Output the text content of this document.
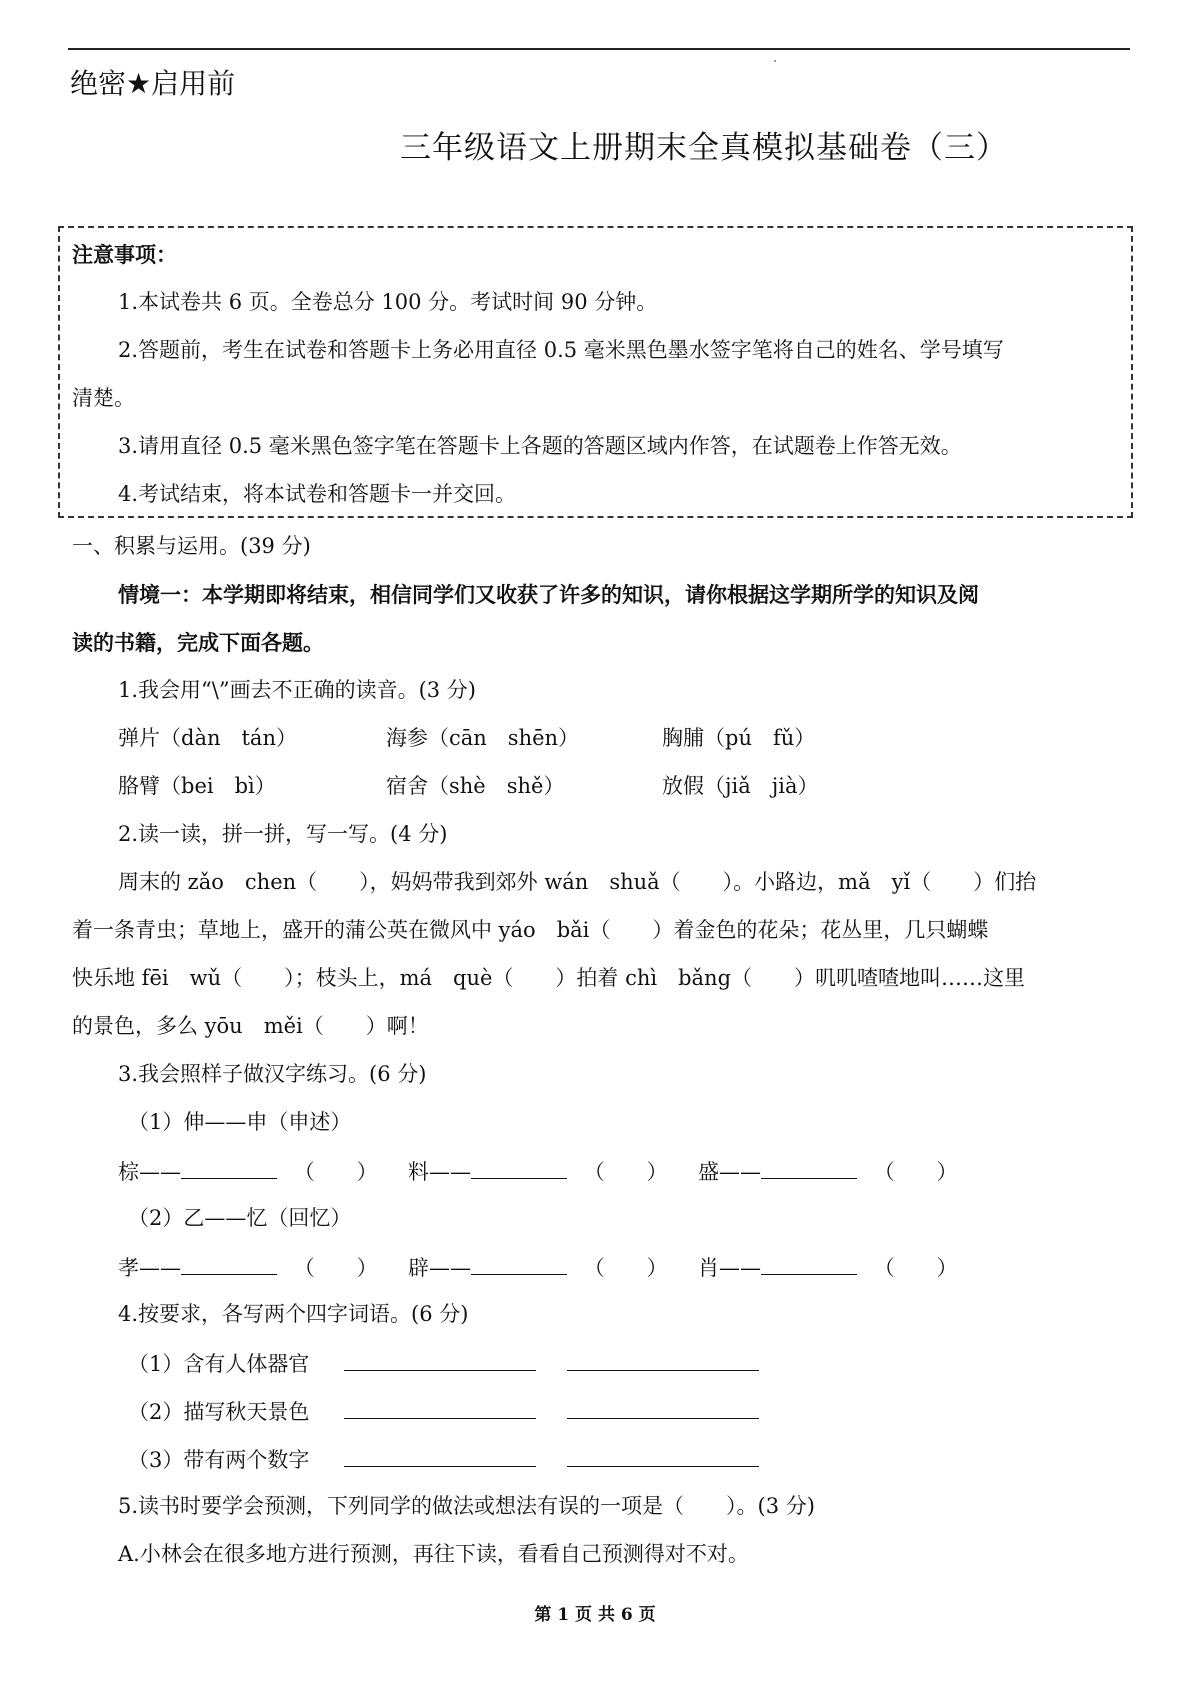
绝密★启用前
三年级语文上册期末全真模拟基础卷（三）
注意事项：
1.本试卷共 6 页。全卷总分 100 分。考试时间 90 分钟。
2.答题前，考生在试卷和答题卡上务必用直径 0.5 毫米黑色墨水签字笔将自己的姓名、学号填写
清楚。
3.请用直径 0.5 毫米黑色签字笔在答题卡上各题的答题区域内作答，在试题卷上作答无效。
4.考试结束，将本试卷和答题卡一并交回。
一、积累与运用。(39 分)
情境一：本学期即将结束，相信同学们又收获了许多的知识，请你根据这学期所学的知识及阅
读的书籍，完成下面各题。
1.我会用“\”画去不正确的读音。(3 分)
弹片（dàn　tán）	海参（cān　shēn）	胸脯（pú　fǔ）
胳臂（bei　bì）	宿舍（shè　shě）	放假（jiǎ　jià）
2.读一读，拼一拼，写一写。(4 分)
周末的 zǎo　chen（　　），妈妈带我到郊外 wán　shuǎ（　　）。小路边，mǎ　yǐ（　　）们抬
着一条青虫；草地上，盛开的蒲公英在微风中 yáo　bǎi（　　）着金色的花朵；花丛里，几只蝴蝶
快乐地 fēi　wǔ（　　）；枝头上，má　què（　　）拍着 chì　bǎng（　　）叽叽喳喳地叫……这里
的景色，多么 yōu　měi（　　）啊！
3.我会照样子做汉字练习。(6 分)
（1）伸——申（申述）
棕——	（　　） 料——	（　　） 盛——	（　　）
（2）乙——忆（回忆）
孝——	（　　） 辟——	（　　） 肖——	（　　）
4.按要求，各写两个四字词语。(6 分)
（1）含有人体器官
（2）描写秋天景色
（3）带有两个数字
5.读书时要学会预测，下列同学的做法或想法有误的一项是（　　）。(3 分)
A.小林会在很多地方进行预测，再往下读，看看自己预测得对不对。
第 1 页 共 6 页
